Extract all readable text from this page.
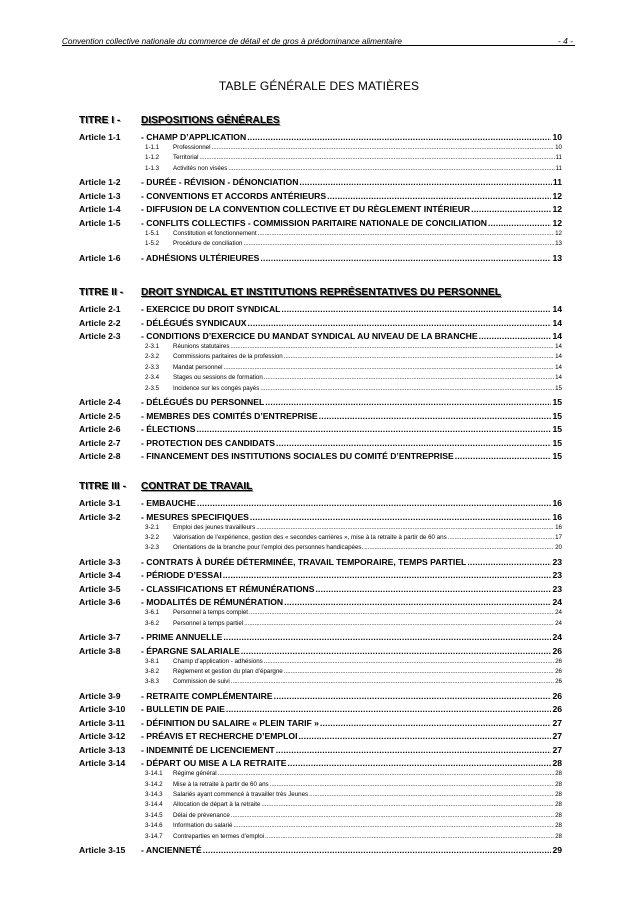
Convention collective nationale du commerce de détail et de gros à prédominance alimentaire	- 4 -
TABLE GÉNÉRALE DES MATIÈRES
TITRE I - DISPOSITIONS GÉNÉRALES
Article 1-1 - CHAMP D’APPLICATION .....	10
1-1.1	Professionnel .....	10
1-1.2	Territorial .....	11
1-1.3	Activités non visées .....	11
Article 1-2 - DURÉE - RÉVISION - DÉNONCIATION .....	11
Article 1-3 - CONVENTIONS ET ACCORDS ANTÉRIEURS .....	12
Article 1-4 - DIFFUSION DE LA CONVENTION COLLECTIVE ET DU RÈGLEMENT INTÉRIEUR .....	12
Article 1-5 - CONFLITS COLLECTIFS - COMMISSION PARITAIRE NATIONALE DE CONCILIATION .....	12
1-5.1	Constitution et fonctionnement .....	12
1-5.2	Procédure de conciliation .....	13
Article 1-6 - ADHÉSIONS ULTÉRIEURES .....	13
TITRE II - DROIT SYNDICAL ET INSTITUTIONS REPRÉSENTATIVES DU PERSONNEL
Article 2-1 - EXERCICE DU DROIT SYNDICAL .....	14
Article 2-2 - DÉLÉGUÉS SYNDICAUX .....	14
Article 2-3 - CONDITIONS D’EXERCICE DU MANDAT SYNDICAL AU NIVEAU DE LA BRANCHE .....	14
2-3.1	Réunions statutaires .....	14
2-3.2	Commissions paritaires de la profession .....	14
2-3.3	Mandat personnel .....	14
2-3.4	Stages ou sessions de formation .....	14
2-3.5	Incidence sur les congés payés .....	15
Article 2-4 - DÉLÉGUÉS DU PERSONNEL .....	15
Article 2-5 - MEMBRES DES COMITÉS D’ENTREPRISE .....	15
Article 2-6 - ÉLECTIONS .....	15
Article 2-7 - PROTECTION DES CANDIDATS .....	15
Article 2-8 - FINANCEMENT DES INSTITUTIONS SOCIALES DU COMITÉ D’ENTREPRISE .....	15
TITRE III - CONTRAT DE TRAVAIL
Article 3-1 - EMBAUCHE .....	16
Article 3-2 - MESURES SPECIFIQUES .....	16
3-2.1	Emploi des jeunes travailleurs .....	16
3-2.2	Valorisation de l’expérience, gestion des « secondes carrières », mise à la retraite à partir de 60 ans .....	17
3-2.3	Orientations de la branche pour l’emploi des personnes handicapées. .....	20
Article 3-3 - CONTRATS À DURÉE DÉTERMINÉE, TRAVAIL TEMPORAIRE, TEMPS PARTIEL .....	23
Article 3-4 - PÉRIODE D’ESSAI .....	23
Article 3-5 - CLASSIFICATIONS ET RÉMUNÉRATIONS .....	23
Article 3-6 - MODALITÉS DE RÉMUNÉRATION .....	24
3-6.1	Personnel à temps complet .....	24
3-6.2	Personnel à temps partiel .....	24
Article 3-7 - PRIME ANNUELLE .....	24
Article 3-8 - ÉPARGNE SALARIALE .....	26
3-8.1	Champ d’application - adhésions .....	26
3-8.2	Règlement et gestion du plan d’épargne .....	26
3-8.3	Commission de suivi .....	26
Article 3-9 - RETRAITE COMPLÉMENTAIRE .....	26
Article 3-10 - BULLETIN DE PAIE .....	26
Article 3-11 - DÉFINITION DU SALAIRE « PLEIN TARIF » .....	27
Article 3-12 - PRÉAVIS ET RECHERCHE D’EMPLOI .....	27
Article 3-13 - INDEMNITÉ DE LICENCIEMENT .....	27
Article 3-14 - DÉPART OU MISE A LA RETRAITE .....	28
3-14.1	Régime général .....	28
3-14.2	Mise à la retraite à partir de 60 ans .....	28
3-14.3	Salariés ayant commencé à travailler très Jeunes .....	28
3-14.4	Allocation de départ à la retraite .....	28
3-14.5	Délai de prévenance .....	28
3-14.6	Information du salarié .....	28
3-14.7	Contreparties en termes d’emploi .....	28
Article 3-15 - ANCIENNETÉ .....	29
